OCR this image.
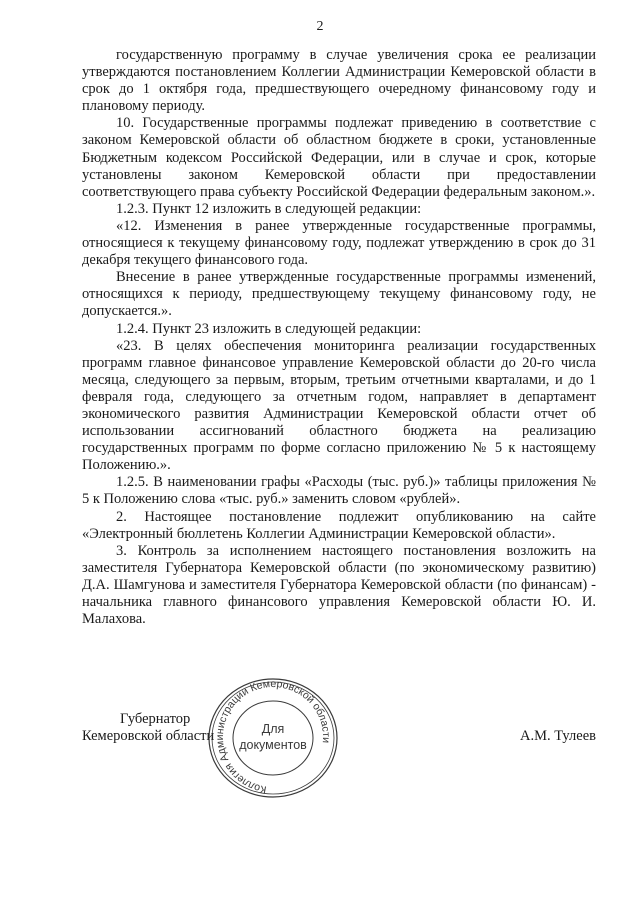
2

государственную программу в случае увеличения срока ее реализации утверждаются постановлением Коллегии Администрации Кемеровской области в срок до 1 октября года, предшествующего очередному финансовому году и плановому периоду.

10. Государственные программы подлежат приведению в соответствие с законом Кемеровской области об областном бюджете в сроки, установленные Бюджетным кодексом Российской Федерации, или в случае и срок, которые установлены законом Кемеровской области при предоставлении соответствующего права субъекту Российской Федерации федеральным законом.».

1.2.3. Пункт 12 изложить в следующей редакции:

«12. Изменения в ранее утвержденные государственные программы, относящиеся к текущему финансовому году, подлежат утверждению в срок до 31 декабря текущего финансового года.

Внесение в ранее утвержденные государственные программы изменений, относящихся к периоду, предшествующему текущему финансовому году, не допускается.».

1.2.4. Пункт 23 изложить в следующей редакции:

«23. В целях обеспечения мониторинга реализации государственных программ главное финансовое управление Кемеровской области до 20-го числа месяца, следующего за первым, вторым, третьим отчетными кварталами, и до 1 февраля года, следующего за отчетным годом, направляет в департамент экономического развития Администрации Кемеровской области отчет об использовании ассигнований областного бюджета на реализацию государственных программ по форме согласно приложению № 5 к настоящему Положению.».

1.2.5. В наименовании графы «Расходы (тыс. руб.)» таблицы приложения № 5 к Положению слова «тыс. руб.» заменить словом «рублей».

2. Настоящее постановление подлежит опубликованию на сайте «Электронный бюллетень Коллегии Администрации Кемеровской области».

3. Контроль за исполнением настоящего постановления возложить на заместителя Губернатора Кемеровской области (по экономическому развитию) Д.А. Шамгунова и заместителя Губернатора Кемеровской области (по финансам) - начальника главного финансового управления Кемеровской области Ю. И. Малахова.

Губернатор
Кемеровской области
Коллегия Администрации Кемеровской области
Для
документов
А.М. Тулеев
